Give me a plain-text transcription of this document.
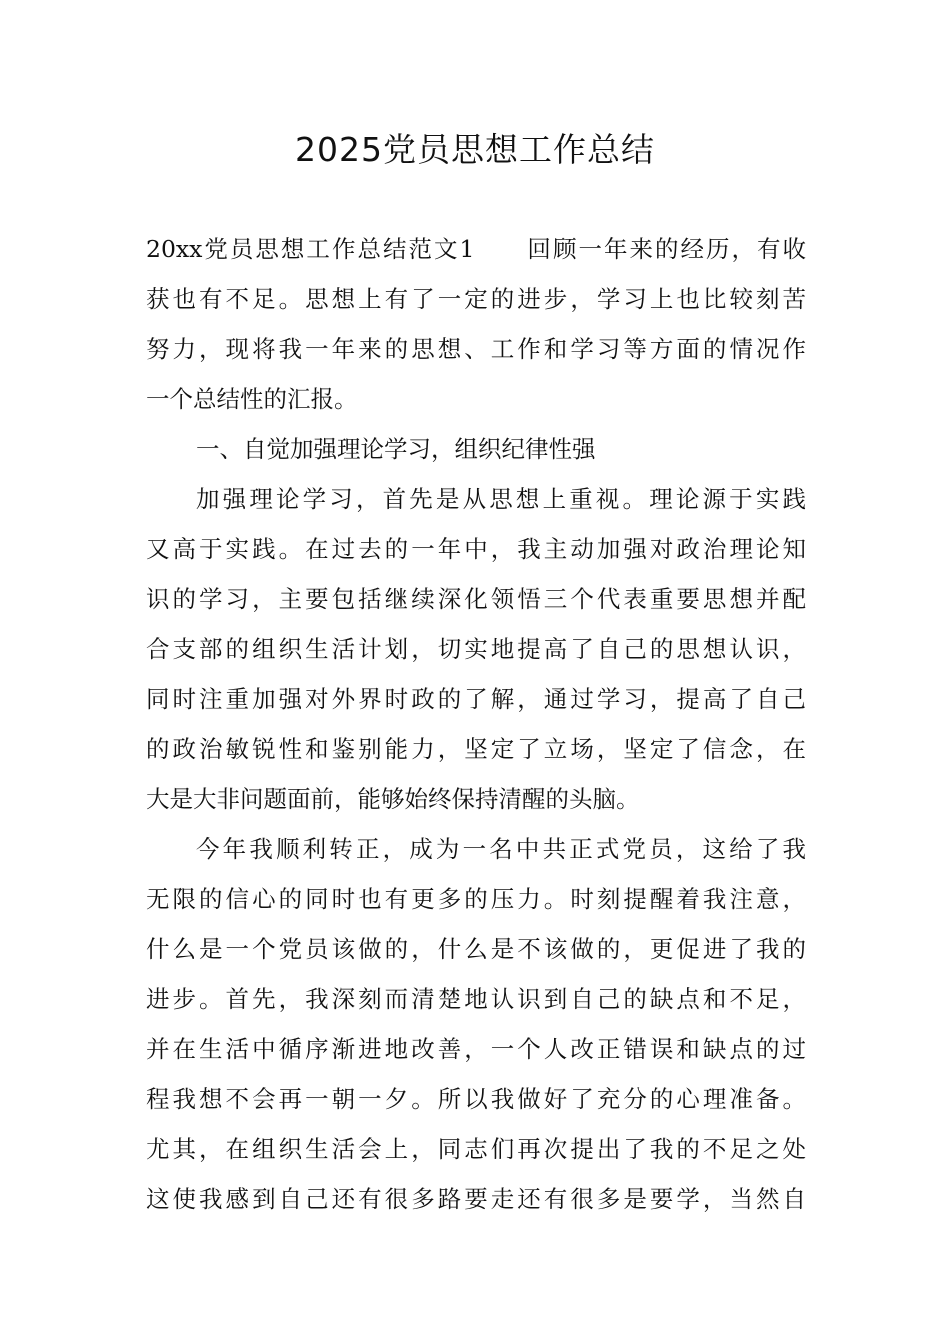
2025党员思想工作总结
20xx党员思想工作总结范文1　　回顾一年来的经历，有收
获也有不足。思想上有了一定的进步，学习上也比较刻苦
努力，现将我一年来的思想、工作和学习等方面的情况作
一个总结性的汇报。
一、自觉加强理论学习，组织纪律性强
加强理论学习，首先是从思想上重视。理论源于实践
又高于实践。在过去的一年中，我主动加强对政治理论知
识的学习，主要包括继续深化领悟三个代表重要思想并配
合支部的组织生活计划，切实地提高了自己的思想认识，
同时注重加强对外界时政的了解，通过学习，提高了自己
的政治敏锐性和鉴别能力，坚定了立场，坚定了信念，在
大是大非问题面前，能够始终保持清醒的头脑。
今年我顺利转正，成为一名中共正式党员，这给了我
无限的信心的同时也有更多的压力。时刻提醒着我注意，
什么是一个党员该做的，什么是不该做的，更促进了我的
进步。首先，我深刻而清楚地认识到自己的缺点和不足，
并在生活中循序渐进地改善，一个人改正错误和缺点的过
程我想不会再一朝一夕。所以我做好了充分的心理准备。
尤其，在组织生活会上，同志们再次提出了我的不足之处
这使我感到自己还有很多路要走还有很多是要学，当然自
